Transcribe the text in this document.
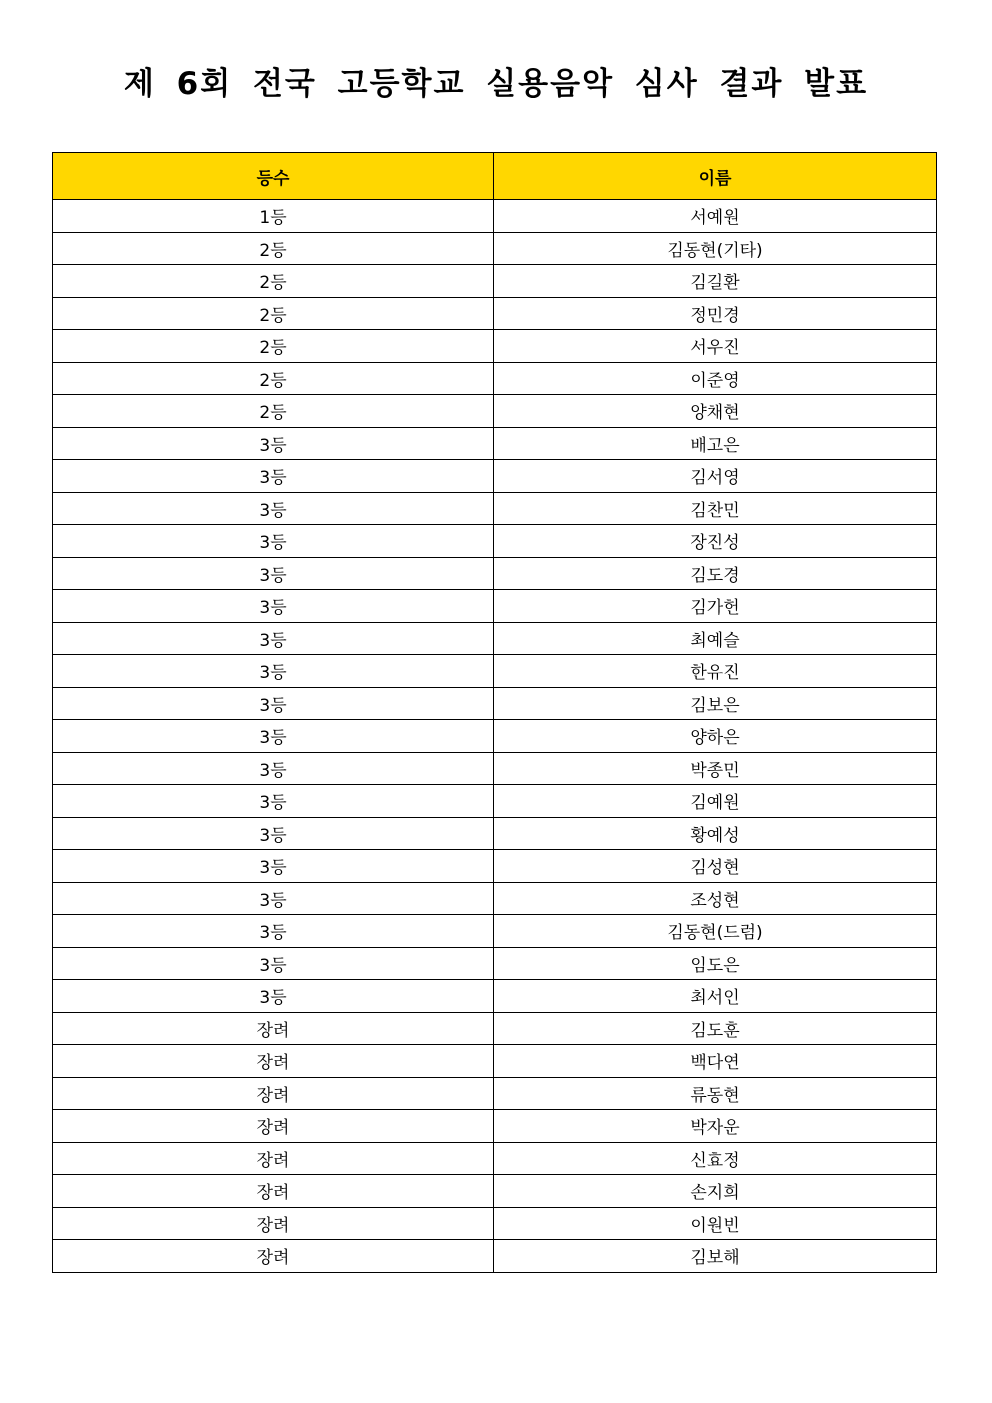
제 6회 전국 고등학교 실용음악 심사 결과 발표
등수	이름
1등	서예원
2등	김동현(기타)
2등	김길환
2등	정민경
2등	서우진
2등	이준영
2등	양채현
3등	배고은
3등	김서영
3등	김찬민
3등	장진성
3등	김도경
3등	김가헌
3등	최예슬
3등	한유진
3등	김보은
3등	양하은
3등	박종민
3등	김예원
3등	황예성
3등	김성현
3등	조성현
3등	김동현(드럼)
3등	임도은
3등	최서인
장려	김도훈
장려	백다연
장려	류동현
장려	박자운
장려	신효정
장려	손지희
장려	이원빈
장려	김보해
